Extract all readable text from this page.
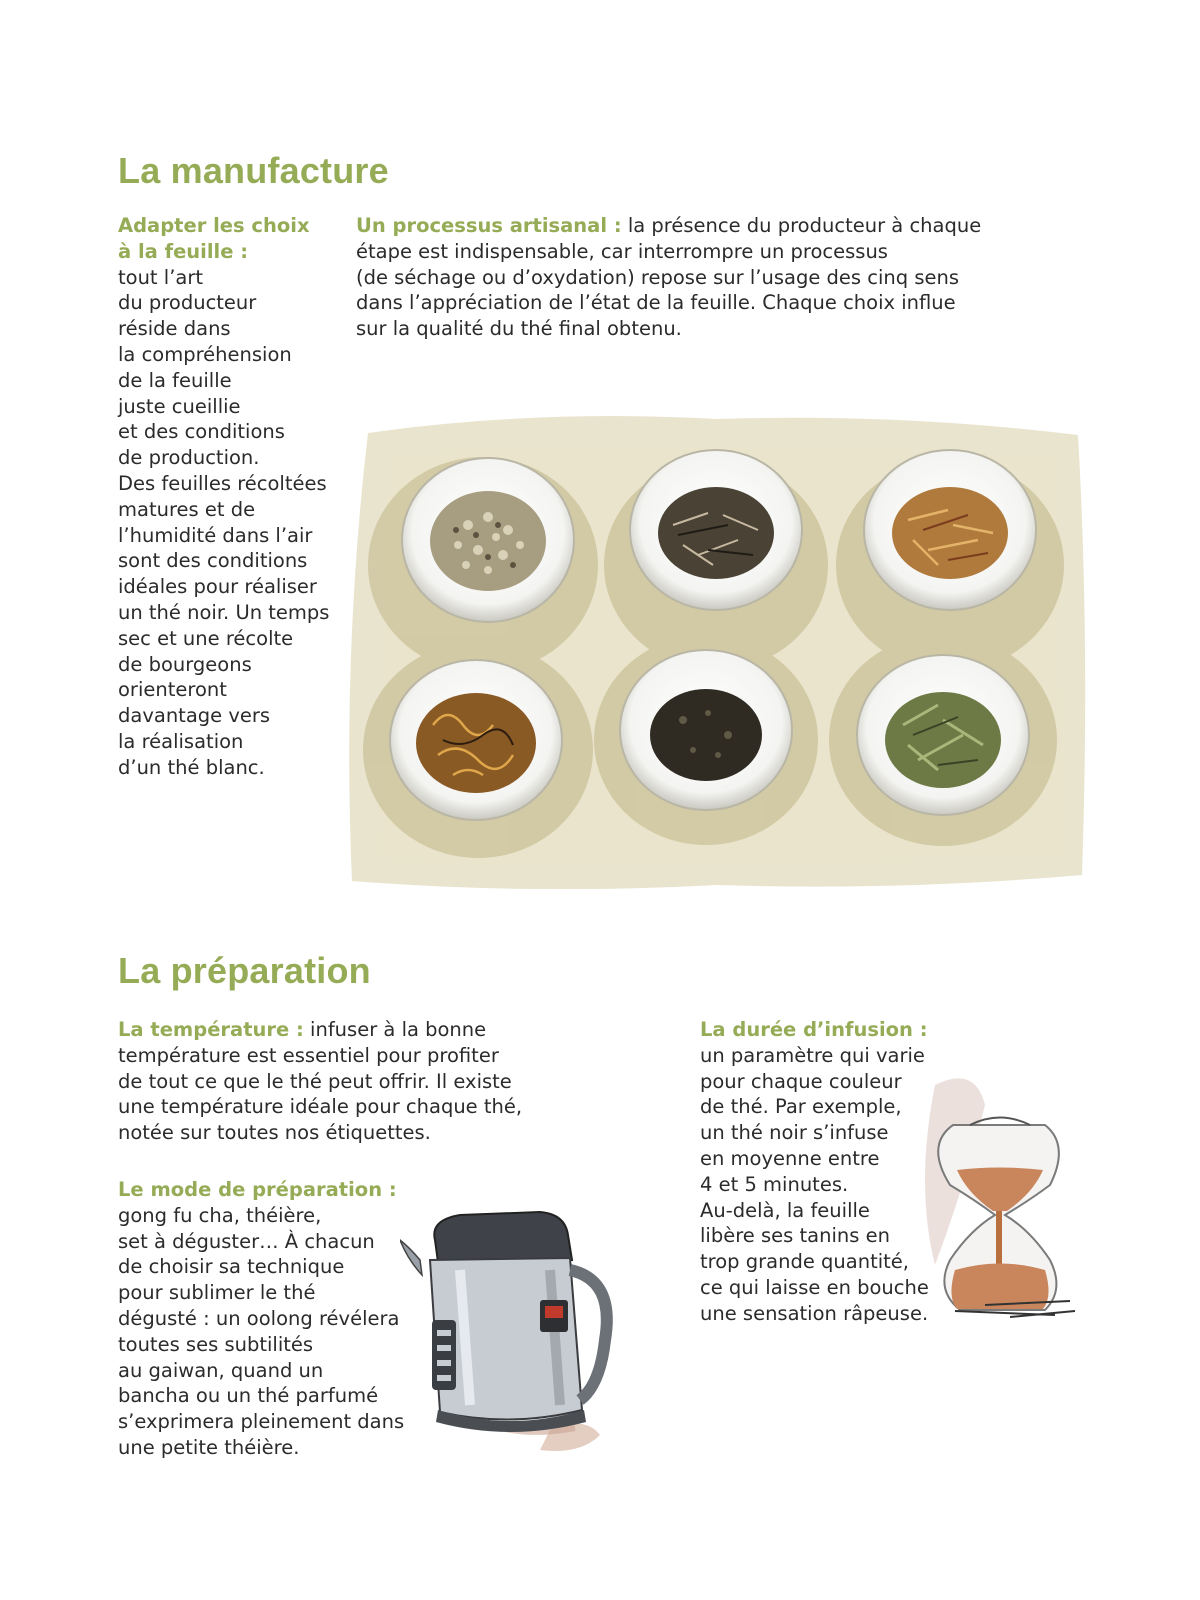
La manufacture
Adapter les choix
à la feuille :
tout l’art
du producteur
réside dans
la compréhension
de la feuille
juste cueillie
et des conditions
de production.
Des feuilles récoltées
matures et de
l’humidité dans l’air
sont des conditions
idéales pour réaliser
un thé noir. Un temps
sec et une récolte
de bourgeons
orienteront
davantage vers
la réalisation
d’un thé blanc.
Un processus artisanal : la présence du producteur à chaque
étape est indispensable, car interrompre un processus
(de séchage ou d’oxydation) repose sur l’usage des cinq sens
dans l’appréciation de l’état de la feuille. Chaque choix influe
sur la qualité du thé final obtenu.
La préparation
La température : infuser à la bonne
température est essentiel pour profiter
de tout ce que le thé peut offrir. Il existe
une température idéale pour chaque thé,
notée sur toutes nos étiquettes.
Le mode de préparation :
gong fu cha, théière,
set à déguster… À chacun
de choisir sa technique
pour sublimer le thé
dégusté : un oolong révélera
toutes ses subtilités
au gaiwan, quand un
bancha ou un thé parfumé
s’exprimera pleinement dans
une petite théière.
La durée d’infusion :
un paramètre qui varie
pour chaque couleur
de thé. Par exemple,
un thé noir s’infuse
en moyenne entre
4 et 5 minutes.
Au-delà, la feuille
libère ses tanins en
trop grande quantité,
ce qui laisse en bouche
une sensation râpeuse.
